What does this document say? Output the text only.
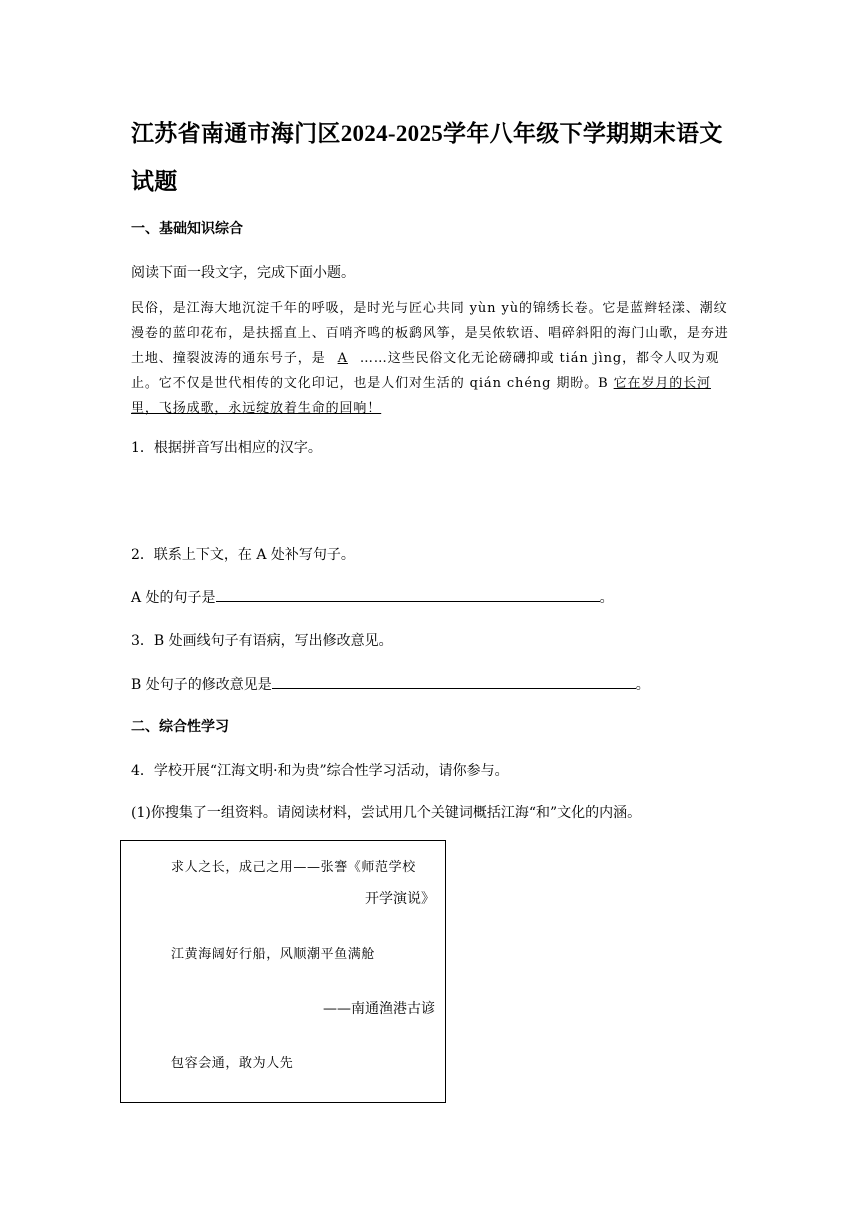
江苏省南通市海门区2024-2025学年八年级下学期期末语文试题
一、基础知识综合
阅读下面一段文字，完成下面小题。
民俗，是江海大地沉淀千年的呼吸，是时光与匠心共同 yùn yù的锦绣长卷。它是蓝辫轻漾、潮纹漫卷的蓝印花布，是扶摇直上、百哨齐鸣的板鹞风筝，是吴侬软语、唱碎斜阳的海门山歌，是夯进土地、撞裂波涛的通东号子，是 A ……这些民俗文化无论磅礴抑或 tián jìng，都令人叹为观止。它不仅是世代相传的文化印记，也是人们对生活的 qián chéng 期盼。B 它在岁月的长河里，飞扬成歌，永远绽放着生命的回响！
1．根据拼音写出相应的汉字。
2．联系上下文，在 A 处补写句子。
A 处的句子是	。
3．B 处画线句子有语病，写出修改意见。
B 处句子的修改意见是	。
二、综合性学习
4．学校开展“江海文明·和为贵”综合性学习活动，请你参与。
(1)你搜集了一组资料。请阅读材料，尝试用几个关键词概括江海“和”文化的内涵。
求人之长，成己之用——张謇《师范学校
开学演说》
江黄海阔好行船，风顺潮平鱼满舱
——南通渔港古谚
包容会通，敢为人先
